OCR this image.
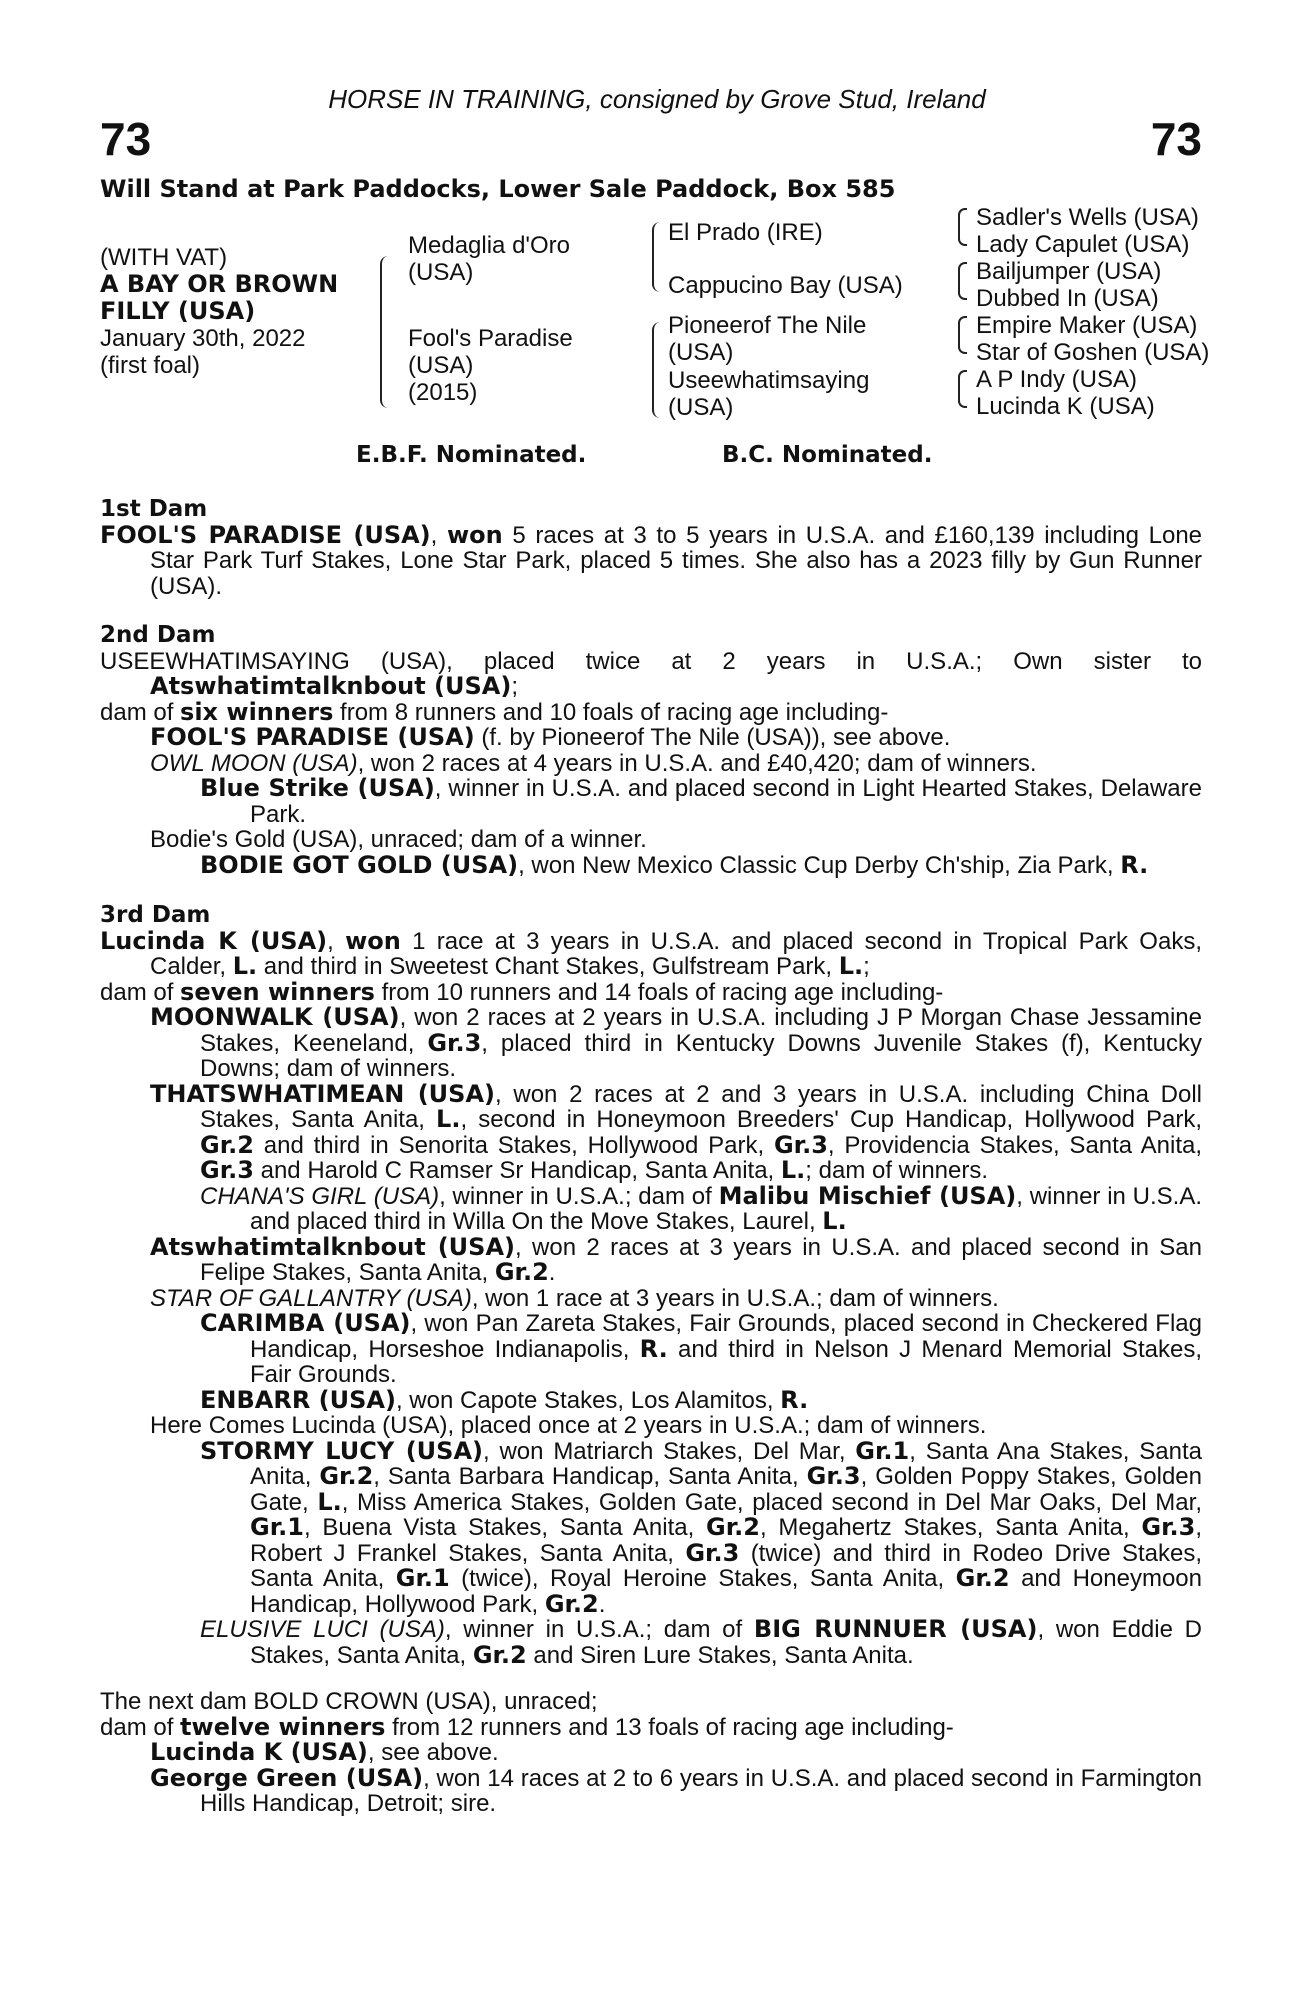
HORSE IN TRAINING, consigned by Grove Stud, Ireland
73	73
Will Stand at Park Paddocks, Lower Sale Paddock, Box 585
(WITH VAT)
A BAY OR BROWN
FILLY (USA)
January 30th, 2022
(first foal)
Medaglia d'Oro
(USA)
Fool's Paradise
(USA)
(2015)
El Prado (IRE)
Cappucino Bay (USA)
Pioneerof The Nile
(USA)
Useewhatimsaying
(USA)
Sadler's Wells (USA)
Lady Capulet (USA)
Bailjumper (USA)
Dubbed In (USA)
Empire Maker (USA)
Star of Goshen (USA)
A P Indy (USA)
Lucinda K (USA)
E.B.F. Nominated.	B.C. Nominated.
1st Dam

FOOL'S PARADISE (USA), won 5 races at 3 to 5 years in U.S.A. and £160,139 including Lone Star Park Turf Stakes, Lone Star Park, placed 5 times. She also has a 2023 filly by Gun Runner (USA).

2nd Dam

USEEWHATIMSAYING (USA), placed twice at 2 years in U.S.A.; Own sister to Atswhatimtalknbout (USA);

dam of six winners from 8 runners and 10 foals of racing age including-

FOOL'S PARADISE (USA) (f. by Pioneerof The Nile (USA)), see above.

OWL MOON (USA), won 2 races at 4 years in U.S.A. and £40,420; dam of winners.

Blue Strike (USA), winner in U.S.A. and placed second in Light Hearted Stakes, Delaware Park.

Bodie's Gold (USA), unraced; dam of a winner.

BODIE GOT GOLD (USA), won New Mexico Classic Cup Derby Ch'ship, Zia Park, R.

3rd Dam

Lucinda K (USA), won 1 race at 3 years in U.S.A. and placed second in Tropical Park Oaks, Calder, L. and third in Sweetest Chant Stakes, Gulfstream Park, L.;

dam of seven winners from 10 runners and 14 foals of racing age including-

MOONWALK (USA), won 2 races at 2 years in U.S.A. including J P Morgan Chase Jessamine Stakes, Keeneland, Gr.3, placed third in Kentucky Downs Juvenile Stakes (f), Kentucky Downs; dam of winners.

THATSWHATIMEAN (USA), won 2 races at 2 and 3 years in U.S.A. including China Doll Stakes, Santa Anita, L., second in Honeymoon Breeders' Cup Handicap, Hollywood Park, Gr.2 and third in Senorita Stakes, Hollywood Park, Gr.3, Providencia Stakes, Santa Anita, Gr.3 and Harold C Ramser Sr Handicap, Santa Anita, L.; dam of winners.

CHANA'S GIRL (USA), winner in U.S.A.; dam of Malibu Mischief (USA), winner in U.S.A. and placed third in Willa On the Move Stakes, Laurel, L.

Atswhatimtalknbout (USA), won 2 races at 3 years in U.S.A. and placed second in San Felipe Stakes, Santa Anita, Gr.2.

STAR OF GALLANTRY (USA), won 1 race at 3 years in U.S.A.; dam of winners.

CARIMBA (USA), won Pan Zareta Stakes, Fair Grounds, placed second in Checkered Flag Handicap, Horseshoe Indianapolis, R. and third in Nelson J Menard Memorial Stakes, Fair Grounds.

ENBARR (USA), won Capote Stakes, Los Alamitos, R.

Here Comes Lucinda (USA), placed once at 2 years in U.S.A.; dam of winners.

STORMY LUCY (USA), won Matriarch Stakes, Del Mar, Gr.1, Santa Ana Stakes, Santa Anita, Gr.2, Santa Barbara Handicap, Santa Anita, Gr.3, Golden Poppy Stakes, Golden Gate, L., Miss America Stakes, Golden Gate, placed second in Del Mar Oaks, Del Mar, Gr.1, Buena Vista Stakes, Santa Anita, Gr.2, Megahertz Stakes, Santa Anita, Gr.3, Robert J Frankel Stakes, Santa Anita, Gr.3 (twice) and third in Rodeo Drive Stakes, Santa Anita, Gr.1 (twice), Royal Heroine Stakes, Santa Anita, Gr.2 and Honeymoon Handicap, Hollywood Park, Gr.2.

ELUSIVE LUCI (USA), winner in U.S.A.; dam of BIG RUNNUER (USA), won Eddie D Stakes, Santa Anita, Gr.2 and Siren Lure Stakes, Santa Anita.

The next dam BOLD CROWN (USA), unraced;

dam of twelve winners from 12 runners and 13 foals of racing age including-

Lucinda K (USA), see above.

George Green (USA), won 14 races at 2 to 6 years in U.S.A. and placed second in Farmington Hills Handicap, Detroit; sire.
